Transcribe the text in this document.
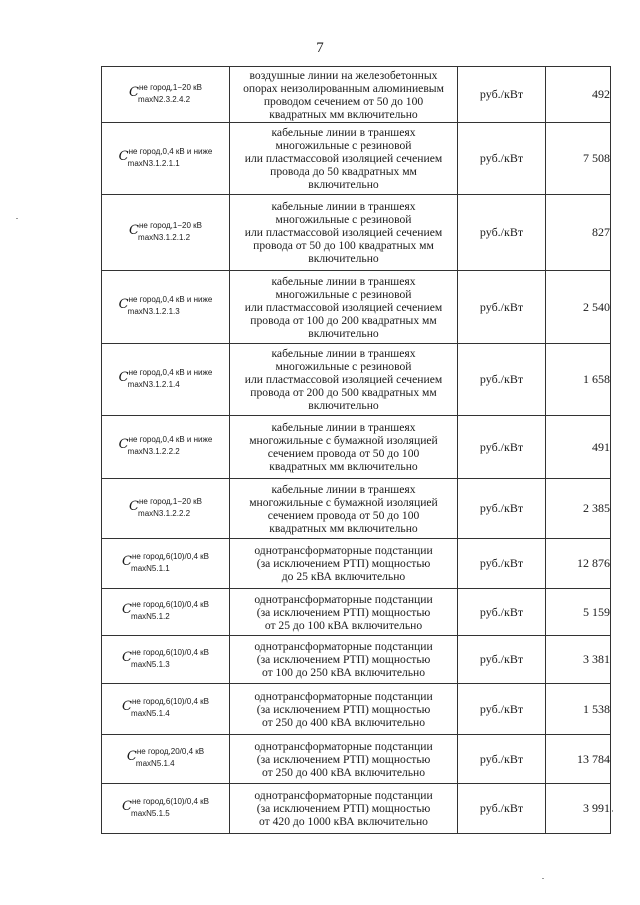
7
$C^{не город,1-20 кВ}$
maxN2.3.2.4.2	воздушные линии на железобетонных
опорах неизолированным алюминиевым
проводом сечением от 50 до 100
квадратных мм включительно	руб./кВт	492
$C^{не город,0,4 кВ и ниже}$
maxN3.1.2.1.1	кабельные линии в траншеях
многожильные с резиновой
или пластмассовой изоляцией сечением
провода до 50 квадратных мм
включительно	руб./кВт	7 508
$C^{не город,1-20 кВ}$
maxN3.1.2.1.2	кабельные линии в траншеях
многожильные с резиновой
или пластмассовой изоляцией сечением
провода от 50 до 100 квадратных мм
включительно	руб./кВт	827
$C^{не город,0,4 кВ и ниже}$
maxN3.1.2.1.3	кабельные линии в траншеях
многожильные с резиновой
или пластмассовой изоляцией сечением
провода от 100 до 200 квадратных мм
включительно	руб./кВт	2 540
$C^{не город,0,4 кВ и ниже}$
maxN3.1.2.1.4	кабельные линии в траншеях
многожильные с резиновой
или пластмассовой изоляцией сечением
провода от 200 до 500 квадратных мм
включительно	руб./кВт	1 658
$C^{не город,0,4 кВ и ниже}$
maxN3.1.2.2.2	кабельные линии в траншеях
многожильные с бумажной изоляцией
сечением провода от 50 до 100
квадратных мм включительно	руб./кВт	491
$C^{не город,1-20 кВ}$
maxN3.1.2.2.2	кабельные линии в траншеях
многожильные с бумажной изоляцией
сечением провода от 50 до 100
квадратных мм включительно	руб./кВт	2 385
$C^{не город,6(10)/0,4 кВ}$
maxN5.1.1	однотрансформаторные подстанции
(за исключением РТП) мощностью
до 25 кВА включительно	руб./кВт	12 876
$C^{не город,6(10)/0,4 кВ}$
maxN5.1.2	однотрансформаторные подстанции
(за исключением РТП) мощностью
от 25 до 100 кВА включительно	руб./кВт	5 159
$C^{не город,6(10)/0,4 кВ}$
maxN5.1.3	однотрансформаторные подстанции
(за исключением РТП) мощностью
от 100 до 250 кВА включительно	руб./кВт	3 381
$C^{не город,6(10)/0,4 кВ}$
maxN5.1.4	однотрансформаторные подстанции
(за исключением РТП) мощностью
от 250 до 400 кВА включительно	руб./кВт	1 538
$C^{не город,20/0,4 кВ}$
maxN5.1.4	однотрансформаторные подстанции
(за исключением РТП) мощностью
от 250 до 400 кВА включительно	руб./кВт	13 784
$C^{не город,6(10)/0,4 кВ}$
maxN5.1.5	однотрансформаторные подстанции
(за исключением РТП) мощностью
от 420 до 1000 кВА включительно	руб./кВт	3 991
